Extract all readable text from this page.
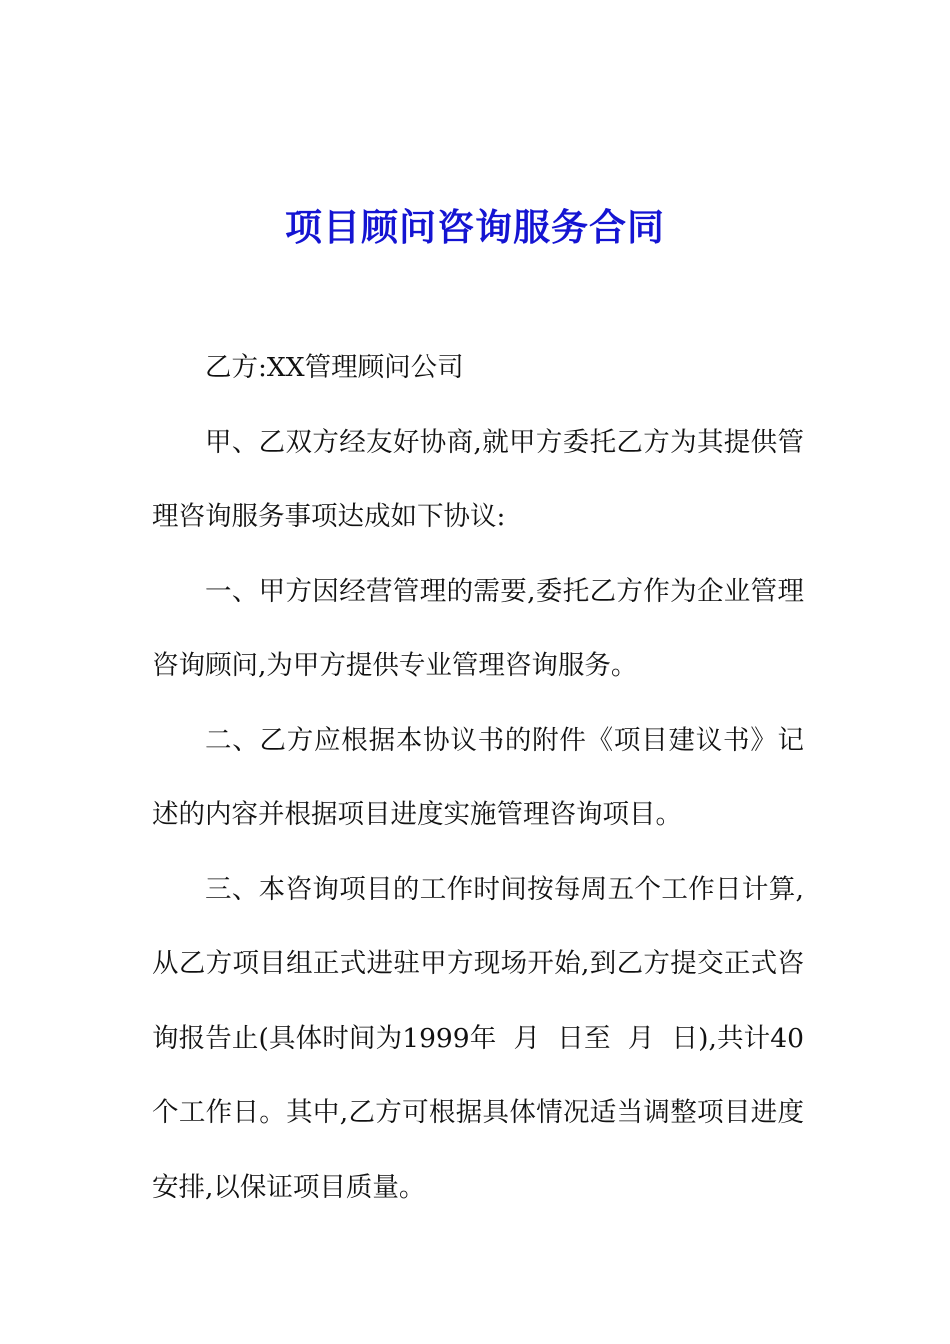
项目顾问咨询服务合同

乙方:XX管理顾问公司

甲、乙双方经友好协商,就甲方委托乙方为其提供管理咨询服务事项达成如下协议:

一、甲方因经营管理的需要,委托乙方作为企业管理咨询顾问,为甲方提供专业管理咨询服务。

二、乙方应根据本协议书的附件《项目建议书》记述的内容并根据项目进度实施管理咨询项目。

三、本咨询项目的工作时间按每周五个工作日计算,从乙方项目组正式进驻甲方现场开始,到乙方提交正式咨询报告止(具体时间为1999年  月  日至  月  日),共计40个工作日。其中,乙方可根据具体情况适当调整项目进度安排,以保证项目质量。
